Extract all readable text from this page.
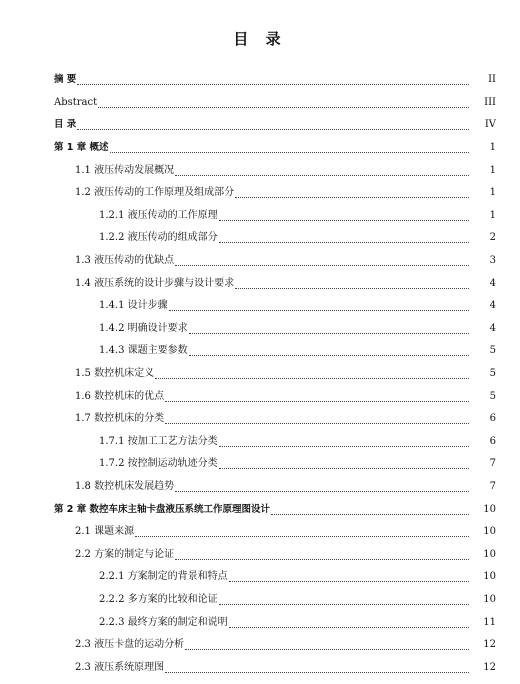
目 录
摘 要	II
Abstract	III
目 录	IV
第 1 章 概述	1
1.1 液压传动发展概况	1
1.2 液压传动的工作原理及组成部分	1
1.2.1 液压传动的工作原理	1
1.2.2 液压传动的组成部分	2
1.3 液压传动的优缺点	3
1.4 液压系统的设计步骤与设计要求	4
1.4.1 设计步骤	4
1.4.2 明确设计要求	4
1.4.3 课题主要参数	5
1.5 数控机床定义	5
1.6 数控机床的优点	5
1.7 数控机床的分类	6
1.7.1 按加工工艺方法分类	6
1.7.2 按控制运动轨迹分类	7
1.8 数控机床发展趋势	7
第 2 章 数控车床主轴卡盘液压系统工作原理图设计	10
2.1 课题来源	10
2.2 方案的制定与论证	10
2.2.1 方案制定的背景和特点	10
2.2.2 多方案的比较和论证	10
2.2.3 最终方案的制定和说明	11
2.3 液压卡盘的运动分析	12
2.3 液压系统原理图	12
